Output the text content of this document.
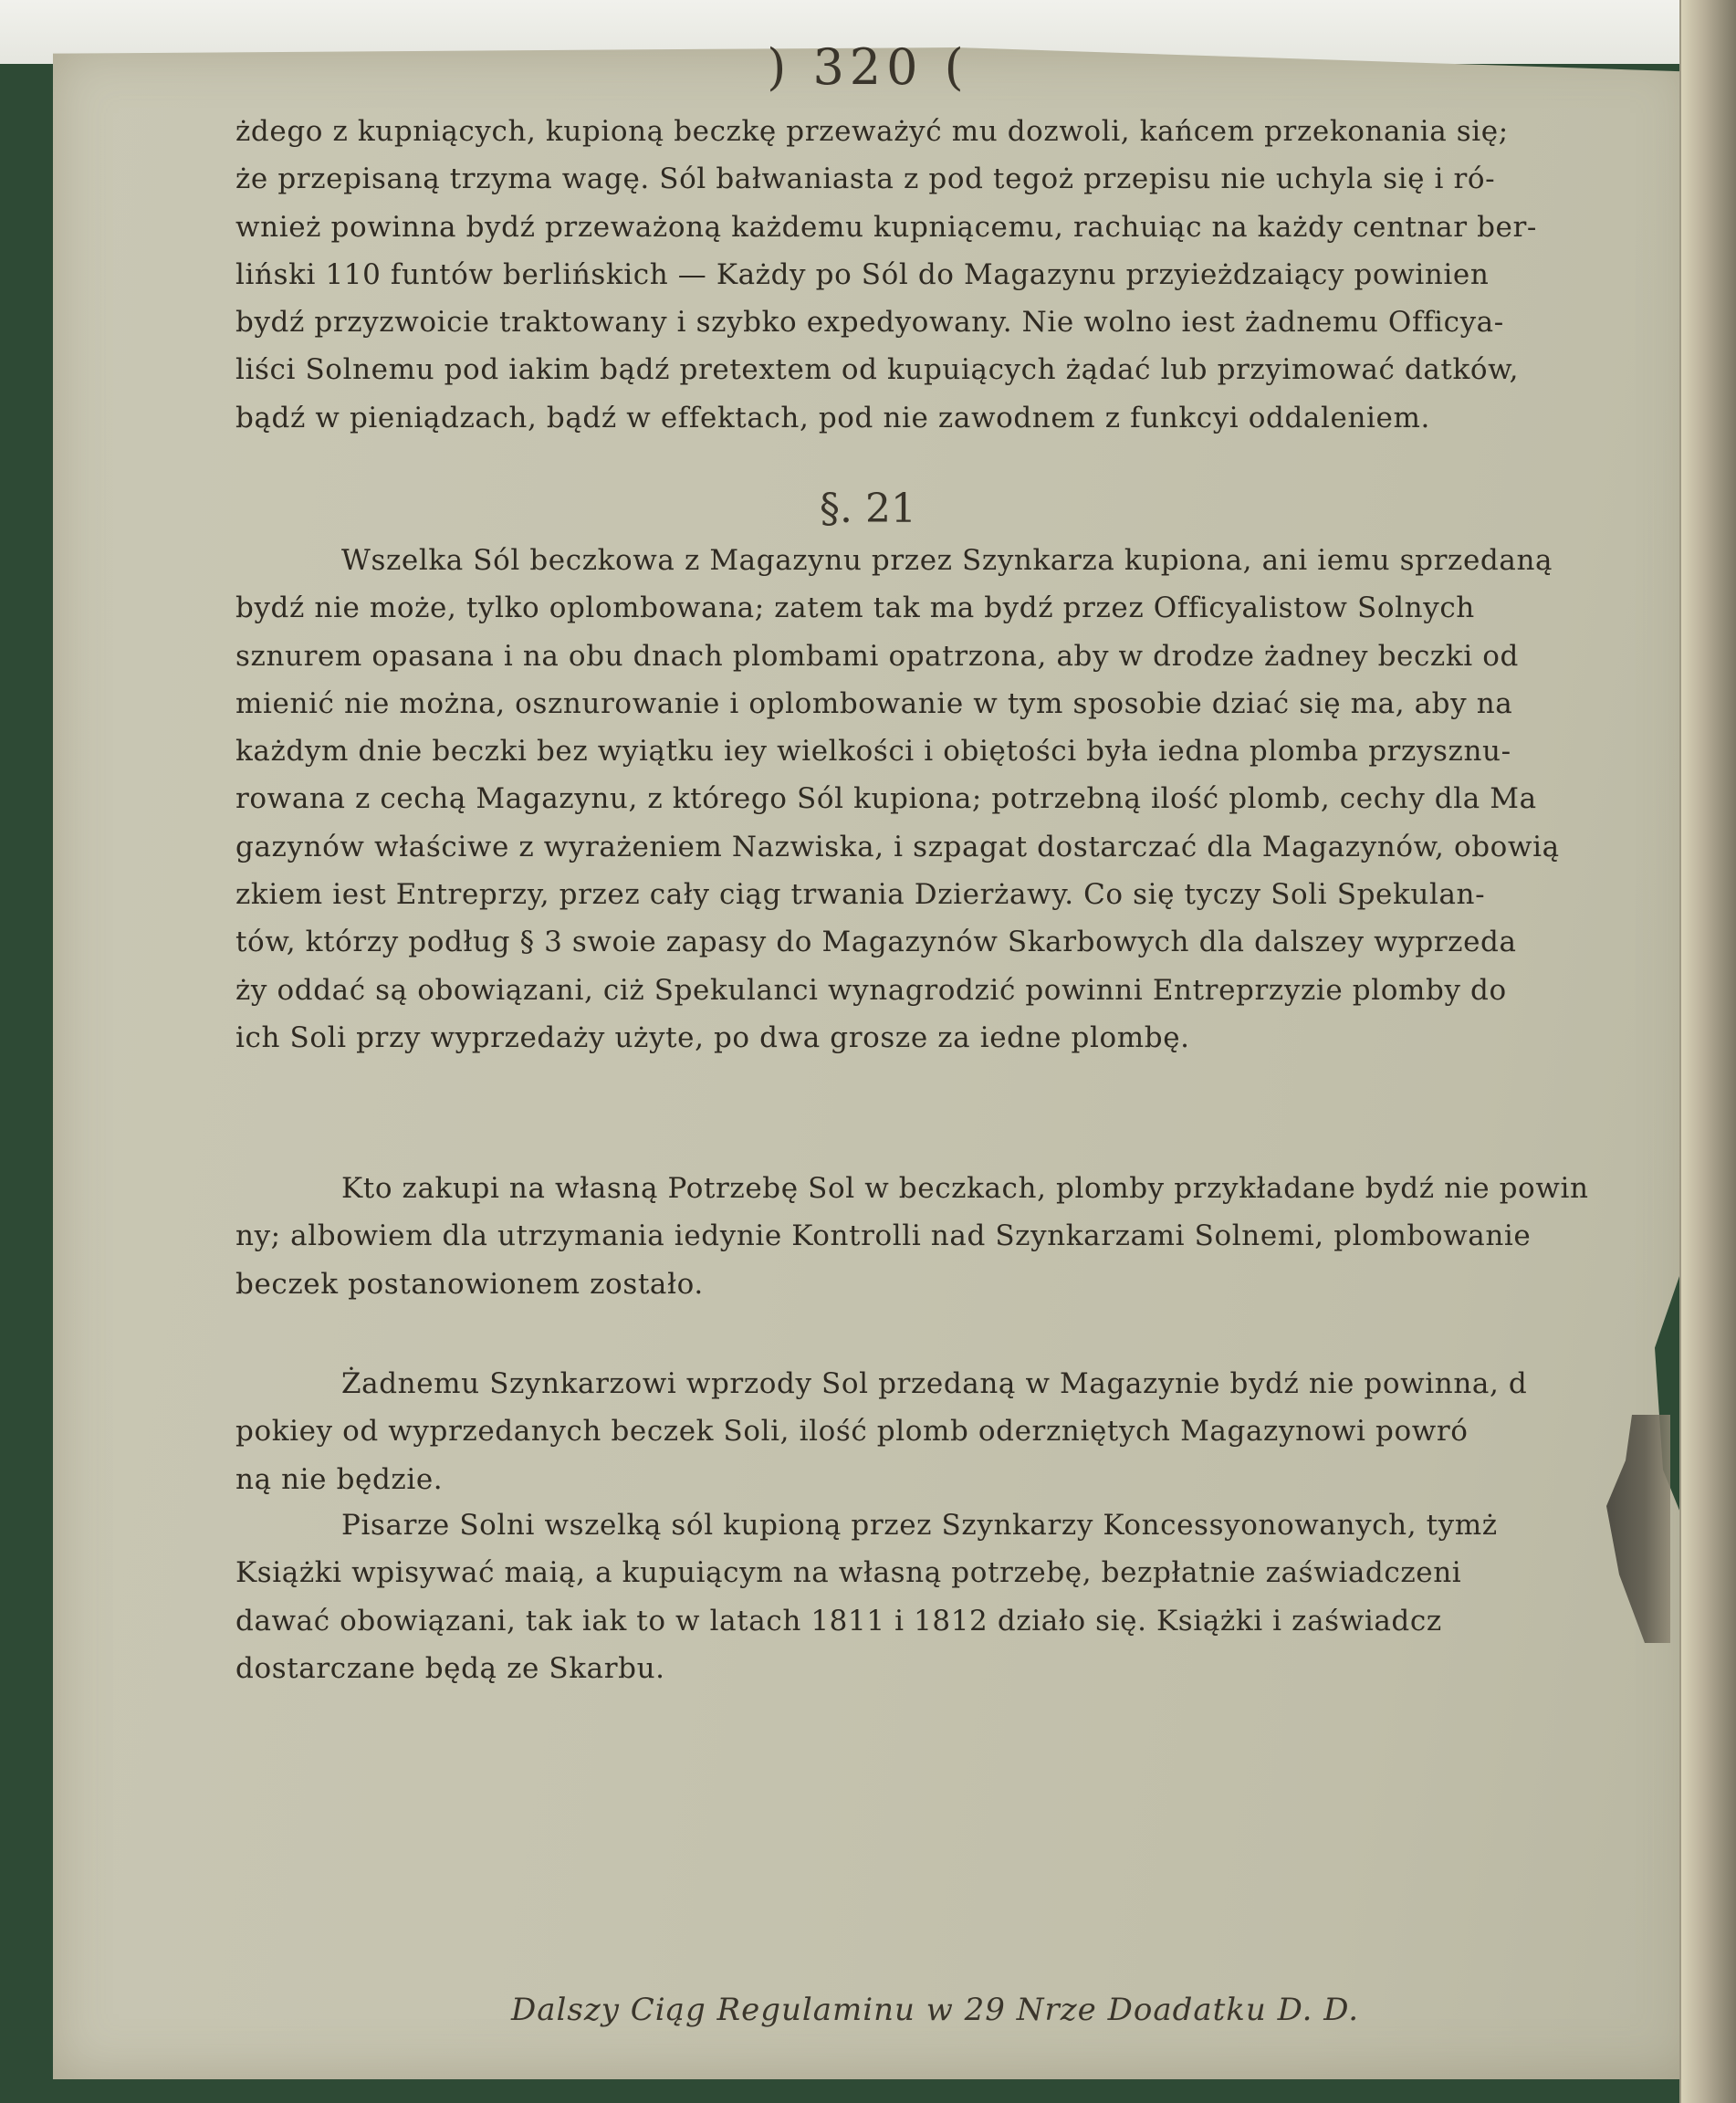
) 320 (
żdego z kupniących, kupioną beczkę przeważyć mu dozwoli, kańcem przekonania się;
że przepisaną trzyma wagę. Sól bałwaniasta z pod tegoż przepisu nie uchyla się i ró-
wnież powinna bydź przeważoną każdemu kupniącemu, rachuiąc na każdy centnar ber-
liński 110 funtów berlińskich — Każdy po Sól do Magazynu przyieżdzaiący powinien
bydź przyzwoicie traktowany i szybko expedyowany. Nie wolno iest żadnemu Officya-
liści Solnemu pod iakim bądź pretextem od kupuiących żądać lub przyimować datków,
bądź w pieniądzach, bądź w effektach, pod nie zawodnem z funkcyi oddaleniem.
§. 21
Wszelka Sól beczkowa z Magazynu przez Szynkarza kupiona, ani iemu sprzedaną
bydź nie może, tylko oplombowana; zatem tak ma bydź przez Officyalistow Solnych
sznurem opasana i na obu dnach plombami opatrzona, aby w drodze żadney beczki od
mienić nie można, osznurowanie i oplombowanie w tym sposobie dziać się ma, aby na
każdym dnie beczki bez wyiątku iey wielkości i obiętości była iedna plomba przysznu-
rowana z cechą Magazynu, z którego Sól kupiona; potrzebną ilość plomb, cechy dla Ma
gazynów właściwe z wyrażeniem Nazwiska, i szpagat dostarczać dla Magazynów, obowią
zkiem iest Entreprzy, przez cały ciąg trwania Dzierżawy. Co się tyczy Soli Spekulan-
tów, którzy podług § 3 swoie zapasy do Magazynów Skarbowych dla dalszey wyprzeda
ży oddać są obowiązani, ciż Spekulanci wynagrodzić powinni Entreprzyzie plomby do
ich Soli przy wyprzedaży użyte, po dwa grosze za iedne plombę.
Kto zakupi na własną Potrzebę Sol w beczkach, plomby przykładane bydź nie powin
ny; albowiem dla utrzymania iedynie Kontrolli nad Szynkarzami Solnemi, plombowanie
beczek postanowionem zostało.
Żadnemu Szynkarzowi wprzody Sol przedaną w Magazynie bydź nie powinna, d
pokiey od wyprzedanych beczek Soli, ilość plomb oderzniętych Magazynowi powró
ną nie będzie.
Pisarze Solni wszelką sól kupioną przez Szynkarzy Koncessyonowanych, tymż
Książki wpisywać maią, a kupuiącym na własną potrzebę, bezpłatnie zaświadczeni
dawać obowiązani, tak iak to w latach 1811 i 1812 działo się. Książki i zaświadcz
dostarczane będą ze Skarbu.
Dalszy Ciąg Regulaminu w 29 Nrze Doadatku D. D.
